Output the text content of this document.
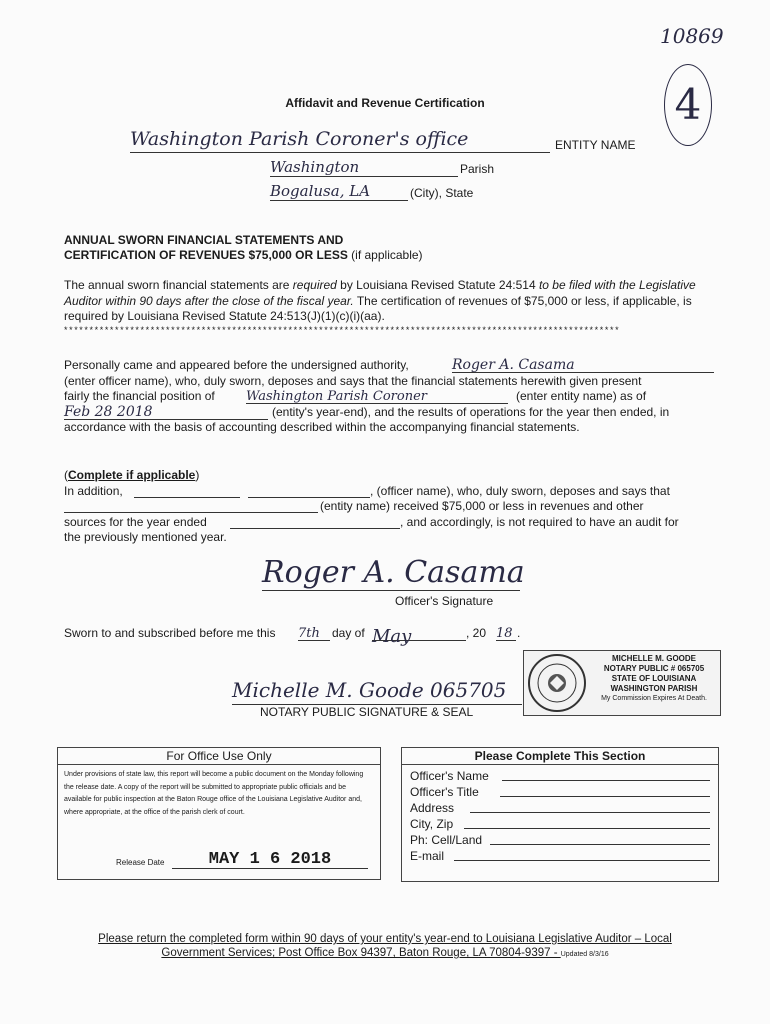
10869
4
Affidavit and Revenue Certification
Washington Parish Coroner's office	ENTITY NAME
Washington	Parish
Bogalusa, LA	(City), State
ANNUAL SWORN FINANCIAL STATEMENTS AND
CERTIFICATION OF REVENUES $75,000 OR LESS (if applicable)
The annual sworn financial statements are required by Louisiana Revised Statute 24:514 to be filed with the Legislative Auditor within 90 days after the close of the fiscal year. The certification of revenues of $75,000 or less, if applicable, is required by Louisiana Revised Statute 24:513(J)(1)(c)(i)(aa).
*************************************************************************************************************
Personally came and appeared before the undersigned authority,	Roger A. Casama
(enter officer name), who, duly sworn, deposes and says that the financial statements herewith given present
fairly the financial position of Washington Parish Coroner	(enter entity name) as of
Feb 28 2018	(entity's year-end), and the results of operations for the year then ended, in
accordance with the basis of accounting described within the accompanying financial statements.
(Complete if applicable)
In addition,	, (officer name), who, duly sworn, deposes and says that
(entity name) received $75,000 or less in revenues and other
sources for the year ended	, and accordingly, is not required to have an audit for
the previously mentioned year.
Roger A. Casama
Officer's Signature
Sworn to and subscribed before me this 7th	day of May	, 20 18 .
MICHELLE M. GOODE
NOTARY PUBLIC # 065705
STATE OF LOUISIANA
WASHINGTON PARISH
My Commission Expires At Death.
Michelle M. Goode 065705
NOTARY PUBLIC SIGNATURE & SEAL
For Office Use Only
Under provisions of state law, this report will become a public document on the Monday following the release date. A copy of the report will be submitted to appropriate public officials and be available for public inspection at the Baton Rouge office of the Louisiana Legislative Auditor and, where appropriate, at the office of the parish clerk of court.
Release Date	MAY 1 6 2018
Please Complete This Section
Officer's Name
Officer's Title
Address
City, Zip
Ph: Cell/Land
E-mail
Please return the completed form within 90 days of your entity's year-end to Louisiana Legislative Auditor – Local
Government Services; Post Office Box 94397, Baton Rouge, LA 70804-9397 - Updated 8/3/16
